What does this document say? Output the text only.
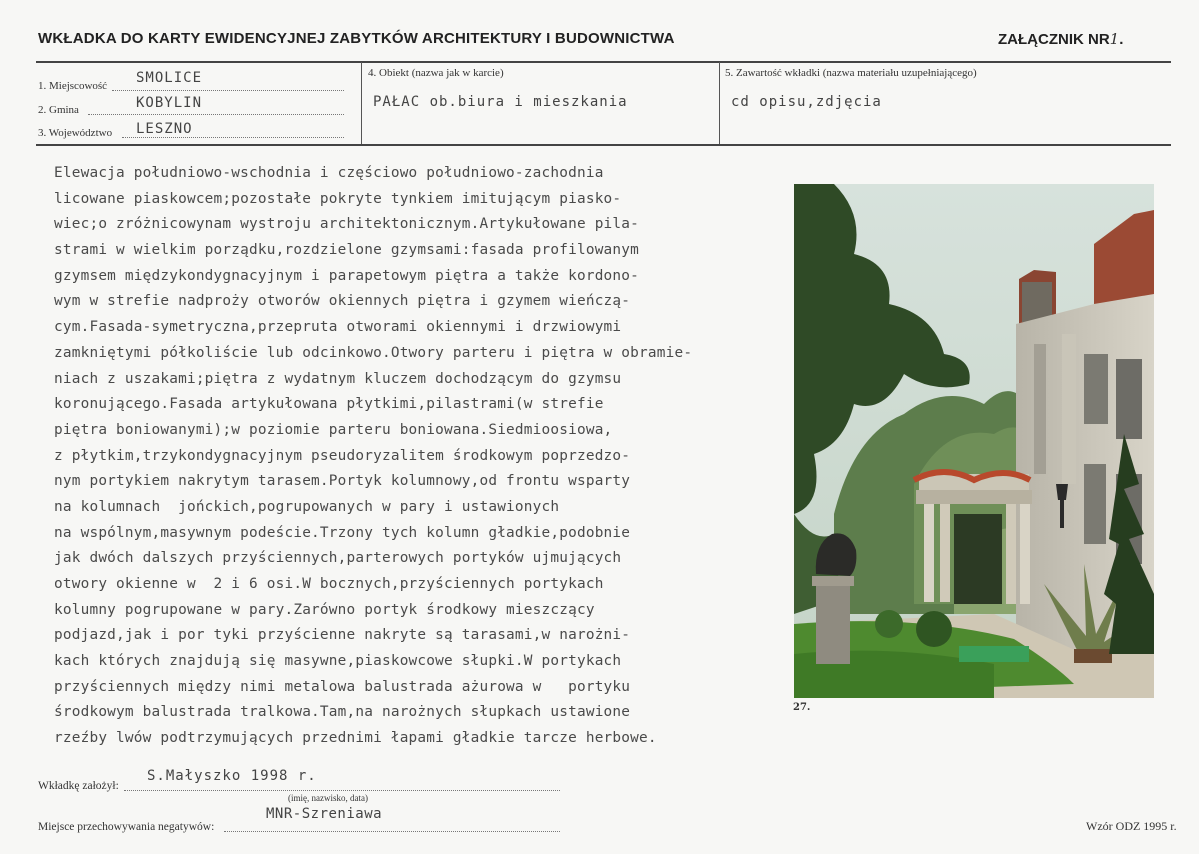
WKŁADKA DO KARTY EWIDENCYJNEJ ZABYTKÓW ARCHITEKTURY I BUDOWNICTWA	ZAŁĄCZNIK NR1.
1. Miejscowość SMOLICE
2. Gmina	KOBYLIN
3. Województwo LESZNO
4. Obiekt (nazwa jak w karcie)
PAŁAC ob.biura i mieszkania
5. Zawartość wkładki (nazwa materiału uzupełniającego)
cd opisu,zdjęcia
Elewacja południowo-wschodnia i częściowo południowo-zachodnia
licowane piaskowcem;pozostałe pokryte tynkiem imitującym piasko-
wiec;o zróżnicowynam wystroju architektonicznym.Artykułowane pila-
strami w wielkim porządku,rozdzielone gzymsami:fasada profilowanym
gzymsem międzykondygnacyjnym i parapetowym piętra a także kordono-
wym w strefie nadproży otworów okiennych piętra i gzymem wieńczą-
cym.Fasada-symetryczna,przepruta otworami okiennymi i drzwiowymi
zamkniętymi półkoliście lub odcinkowo.Otwory parteru i piętra w obramie-
niach z uszakami;piętra z wydatnym kluczem dochodzącym do gzymsu
koronującego.Fasada artykułowana płytkimi,pilastrami(w strefie
piętra boniowanymi);w poziomie parteru boniowana.Siedmioosiowa,
z płytkim,trzykondygnacyjnym pseudoryzalitem środkowym poprzedzo-
nym portykiem nakrytym tarasem.Portyk kolumnowy,od frontu wsparty
na kolumnach  jońckich,pogrupowanych w pary i ustawionych
na wspólnym,masywnym podeście.Trzony tych kolumn gładkie,podobnie
jak dwóch dalszych przyściennych,parterowych portyków ujmujących
otwory okienne w  2 i 6 osi.W bocznych,przyściennych portykach
kolumny pogrupowane w pary.Zarówno portyk środkowy mieszczący
podjazd,jak i por tyki przyścienne nakryte są tarasami,w narożni-
kach których znajdują się masywne,piaskowcowe słupki.W portykach
przyściennych między nimi metalowa balustrada ażurowa w   portyku
środkowym balustrada tralkowa.Tam,na narożnych słupkach ustawione
rzeźby lwów podtrzymujących przednimi łapami gładkie tarcze herbowe.
27.
Wkładkę założył:
S.Małyszko 1998 r.
(imię, nazwisko, data)
Miejsce przechowywania negatywów:
MNR-Szreniawa
Wzór ODZ 1995 r.
